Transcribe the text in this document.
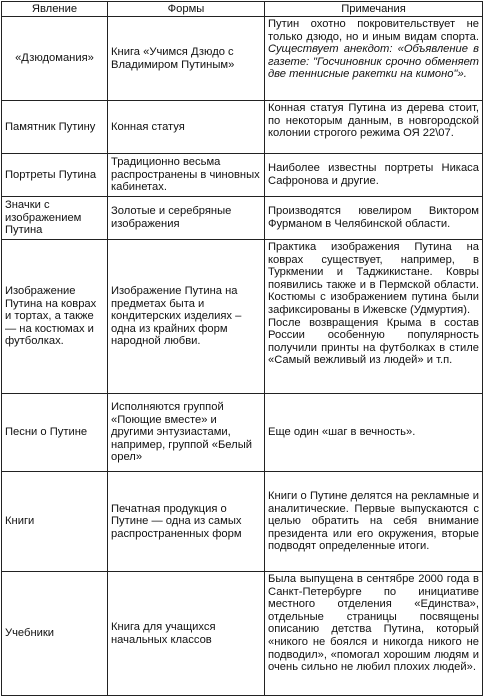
Явление	Формы	Примечания
«Дзюдомания»	Книга «Учимся Дзюдо с Владимиром Путиным»	Путин охотно покровительствует не только дзюдо, но и иным видам спорта. Существует анекдот: «Объявление в газете: "Госчиновник срочно обменяет две теннисные ракетки на кимоно"».
Памятник Путину	Конная статуя	Конная статуя Путина из дерева стоит, по некоторым данным, в новгородской колонии строгого режима ОЯ 22\07.
Портреты Путина	Традиционно весьма распространены в чиновных кабинетах.	Наиболее известны портреты Никаса Сафронова и другие.
Значки с изображением Путина	Золотые и серебряные изображения	Производятся ювелиром Виктором Фурманом в Челябинской области.
Изображение Путина на коврах и тортах, а также — на костюмах и футболках.	Изображение Путина на предметах быта и кондитерских изделиях – одна из крайних форм народной любви.	Практика изображения Путина на коврах существует, например, в Туркмении и Таджикистане. Ковры появились также и в Пермской области. Костюмы с изображением путина были зафиксированы в Ижевске (Удмуртия).
После возвращения Крыма в состав России особенную популярность получили принты на футболках в стиле «Самый вежливый из людей» и т.п.

Песни о Путине	Исполняются группой «Поющие вместе» и другими энтузиастами, например, группой «Белый орел»	Еще один «шаг в вечность».
Книги	Печатная продукция о Путине — одна из самых распространенных форм	Книги о Путине делятся на рекламные и аналитические. Первые выпускаются с целью обратить на себя внимание президента или его окружения, вторые подводят определенные итоги.
Учебники	Книга для учащихся начальных классов	Была выпущена в сентябре 2000 года в Санкт-Петербурге по инициативе местного отделения «Единства», отдельные страницы посвящены описанию детства Путина, который «никого не боялся и никогда никого не подводил», «помогал хорошим людям и очень сильно не любил плохих людей».
